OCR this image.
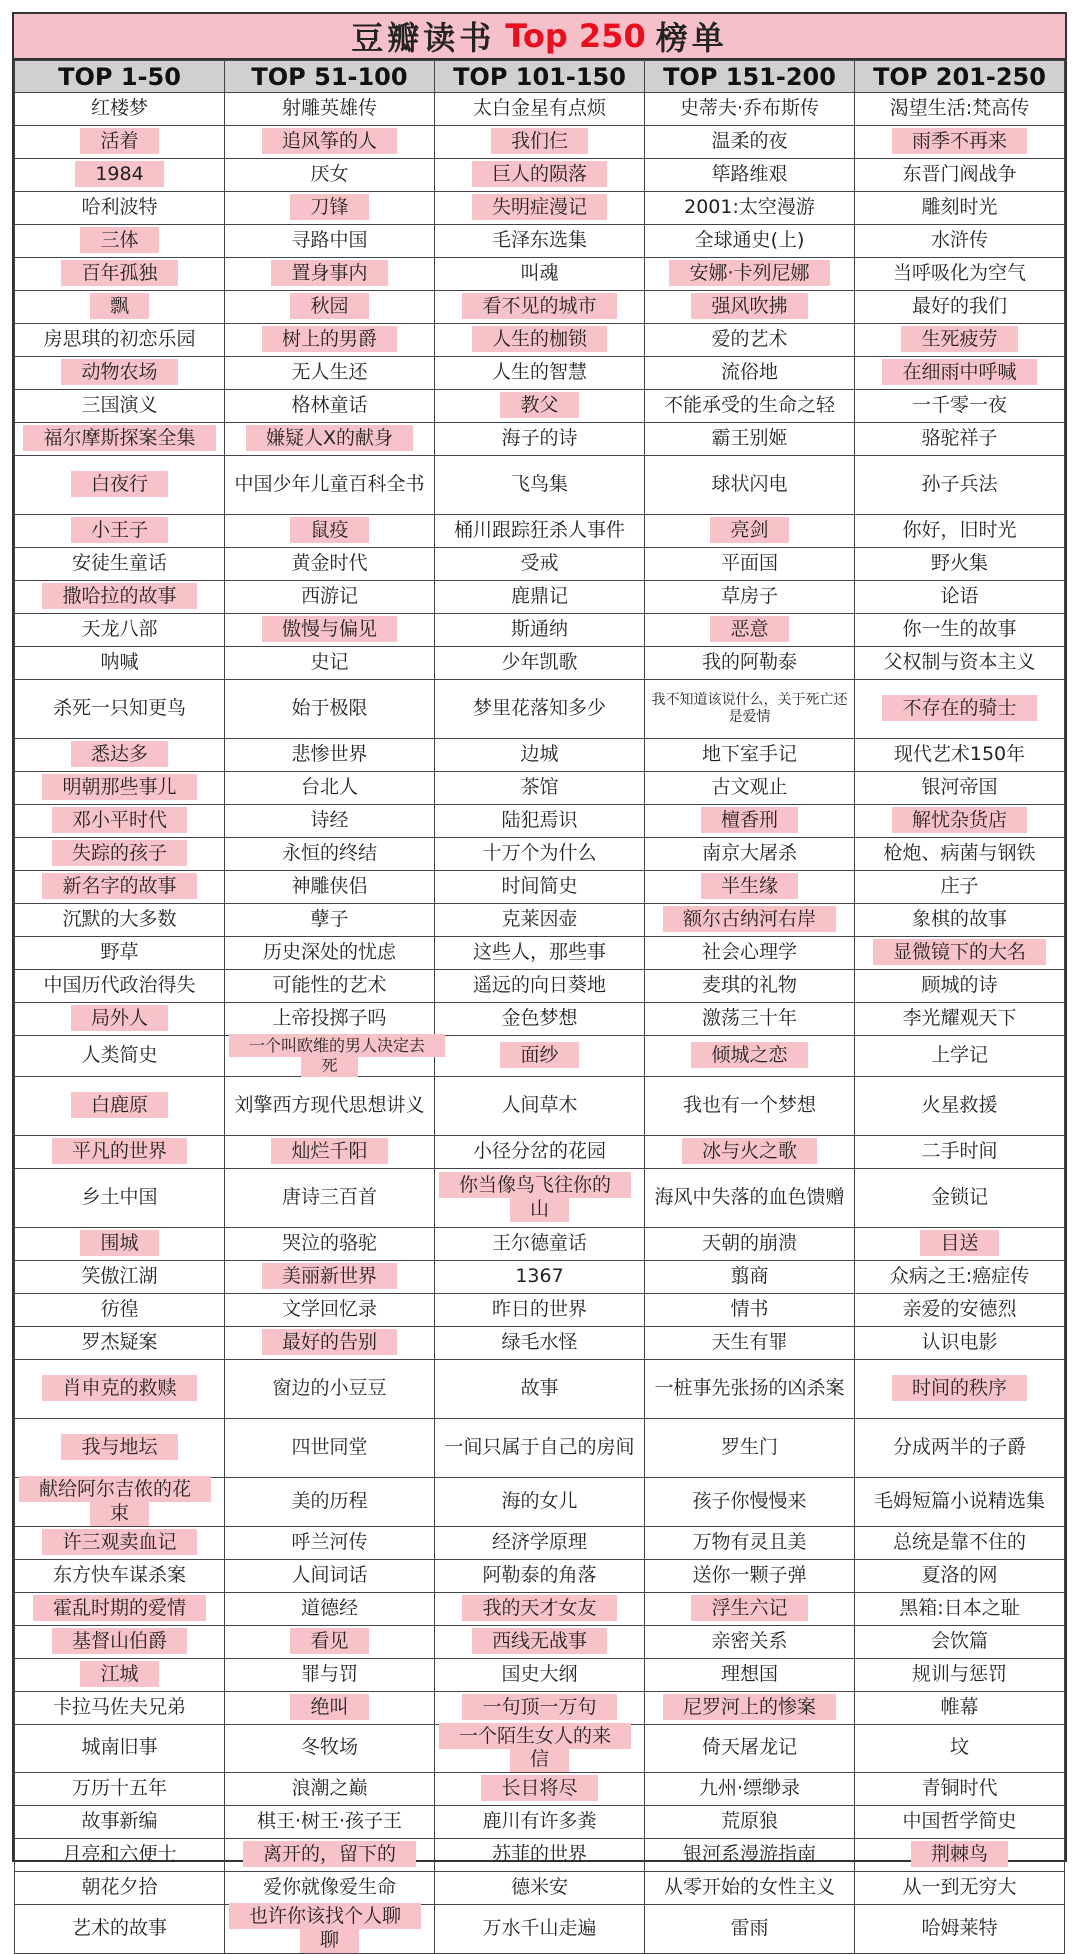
豆瓣读书 Top 250 榜单
TOP 1-50	TOP 51-100	TOP 101-150	TOP 151-200	TOP 201-250
红楼梦	射雕英雄传	太白金星有点烦	史蒂夫·乔布斯传	渴望生活:梵高传
活着	追风筝的人	我们仨	温柔的夜	雨季不再来
1984	厌女	巨人的陨落	筚路维艰	东晋门阀战争
哈利波特	刀锋	失明症漫记	2001:太空漫游	雕刻时光
三体	寻路中国	毛泽东选集	全球通史(上)	水浒传
百年孤独	置身事内	叫魂	安娜·卡列尼娜	当呼吸化为空气
飘	秋园	看不见的城市	强风吹拂	最好的我们
房思琪的初恋乐园	树上的男爵	人生的枷锁	爱的艺术	生死疲劳
动物农场	无人生还	人生的智慧	流俗地	在细雨中呼喊
三国演义	格林童话	教父	不能承受的生命之轻	一千零一夜
福尔摩斯探案全集	嫌疑人X的献身	海子的诗	霸王别姬	骆驼祥子
白夜行	中国少年儿童百科全书	飞鸟集	球状闪电	孙子兵法
小王子	鼠疫	桶川跟踪狂杀人事件	亮剑	你好，旧时光
安徒生童话	黄金时代	受戒	平面国	野火集
撒哈拉的故事	西游记	鹿鼎记	草房子	论语
天龙八部	傲慢与偏见	斯通纳	恶意	你一生的故事
呐喊	史记	少年凯歌	我的阿勒泰	父权制与资本主义
杀死一只知更鸟	始于极限	梦里花落知多少	我不知道该说什么，关于死亡还是爱情	不存在的骑士
悉达多	悲惨世界	边城	地下室手记	现代艺术150年
明朝那些事儿	台北人	茶馆	古文观止	银河帝国
邓小平时代	诗经	陆犯焉识	檀香刑	解忧杂货店
失踪的孩子	永恒的终结	十万个为什么	南京大屠杀	枪炮、病菌与钢铁
新名字的故事	神雕侠侣	时间简史	半生缘	庄子
沉默的大多数	孽子	克莱因壶	额尔古纳河右岸	象棋的故事
野草	历史深处的忧虑	这些人，那些事	社会心理学	显微镜下的大名
中国历代政治得失	可能性的艺术	遥远的向日葵地	麦琪的礼物	顾城的诗
局外人	上帝投掷子吗	金色梦想	激荡三十年	李光耀观天下
人类简史	一个叫欧维的男人决定去死	面纱	倾城之恋	上学记
白鹿原	刘擎西方现代思想讲义	人间草木	我也有一个梦想	火星救援
平凡的世界	灿烂千阳	小径分岔的花园	冰与火之歌	二手时间
乡土中国	唐诗三百首	你当像鸟飞往你的山	海风中失落的血色馈赠	金锁记
围城	哭泣的骆驼	王尔德童话	天朝的崩溃	目送
笑傲江湖	美丽新世界	1367	翦商	众病之王:癌症传
彷徨	文学回忆录	昨日的世界	情书	亲爱的安德烈
罗杰疑案	最好的告别	绿毛水怪	天生有罪	认识电影
肖申克的救赎	窗边的小豆豆	故事	一桩事先张扬的凶杀案	时间的秩序
我与地坛	四世同堂	一间只属于自己的房间	罗生门	分成两半的子爵
献给阿尔吉侬的花束	美的历程	海的女儿	孩子你慢慢来	毛姆短篇小说精选集
许三观卖血记	呼兰河传	经济学原理	万物有灵且美	总统是靠不住的
东方快车谋杀案	人间词话	阿勒泰的角落	送你一颗子弹	夏洛的网
霍乱时期的爱情	道德经	我的天才女友	浮生六记	黑箱:日本之耻
基督山伯爵	看见	西线无战事	亲密关系	会饮篇
江城	罪与罚	国史大纲	理想国	规训与惩罚
卡拉马佐夫兄弟	绝叫	一句顶一万句	尼罗河上的惨案	帷幕
城南旧事	冬牧场	一个陌生女人的来信	倚天屠龙记	坟
万历十五年	浪潮之巅	长日将尽	九州·缥缈录	青铜时代
故事新编	棋王·树王·孩子王	鹿川有许多粪	荒原狼	中国哲学简史
月亮和六便士	离开的，留下的	苏菲的世界	银河系漫游指南	荆棘鸟
朝花夕拾	爱你就像爱生命	德米安	从零开始的女性主义	从一到无穷大
艺术的故事	也许你该找个人聊聊	万水千山走遍	雷雨	哈姆莱特
